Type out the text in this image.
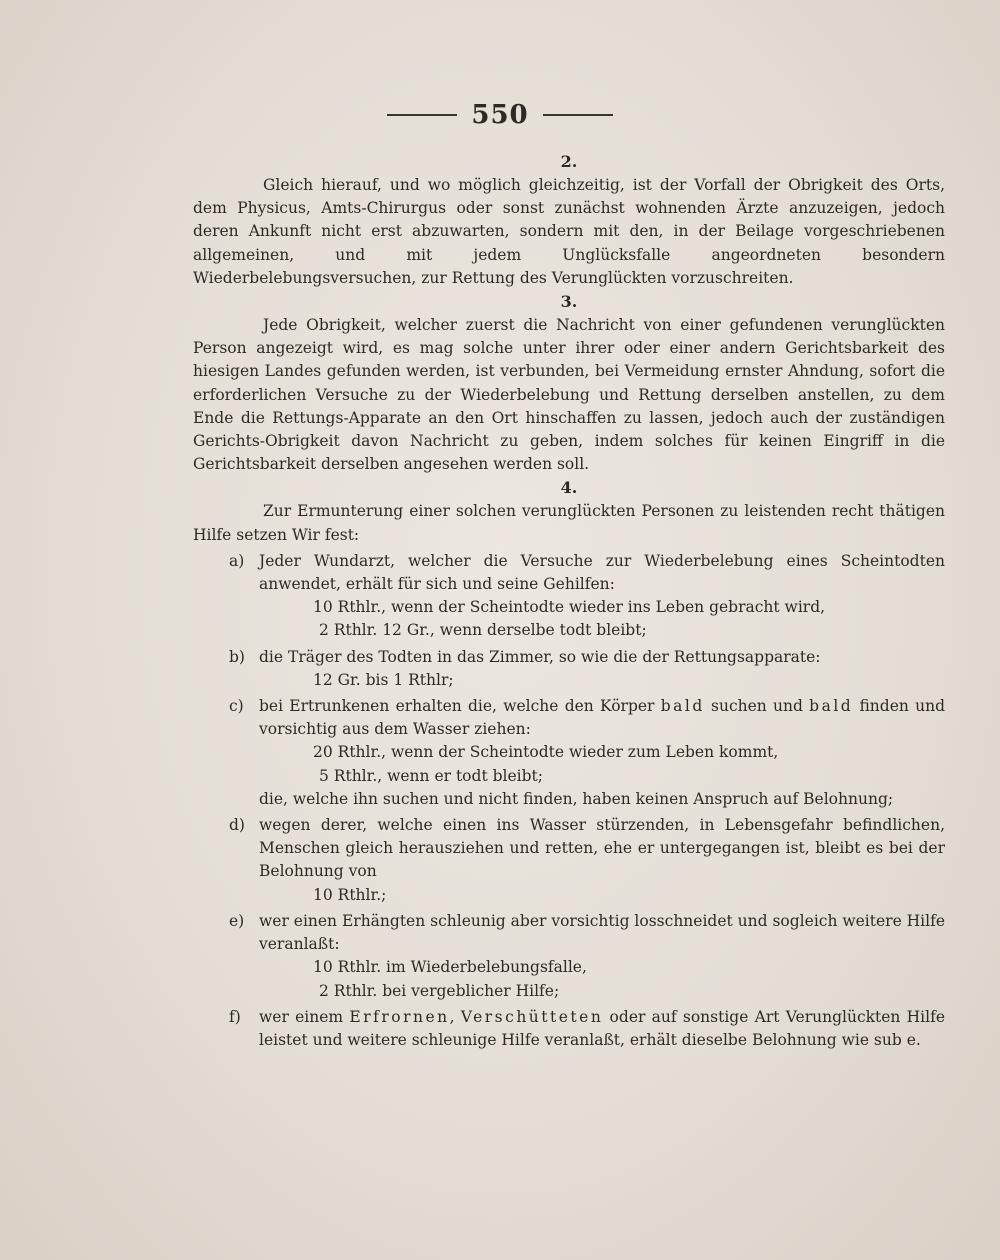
550

2.

Gleich hierauf, und wo möglich gleichzeitig, ist der Vorfall der Obrigkeit des Orts, dem Physicus, Amts-Chirurgus oder sonst zunächst wohnenden Ärzte anzuzeigen, jedoch deren Ankunft nicht erst abzuwarten, sondern mit den, in der Beilage vorgeschriebenen allgemeinen, und mit jedem Unglücksfalle angeordneten besondern Wiederbelebungsversuchen, zur Rettung des Verunglückten vorzuschreiten.

3.

Jede Obrigkeit, welcher zuerst die Nachricht von einer gefundenen verunglückten Person angezeigt wird, es mag solche unter ihrer oder einer andern Gerichtsbarkeit des hiesigen Landes gefunden werden, ist verbunden, bei Vermeidung ernster Ahndung, sofort die erforderlichen Versuche zu der Wiederbelebung und Rettung derselben anstellen, zu dem Ende die Rettungs-Apparate an den Ort hinschaffen zu lassen, jedoch auch der zuständigen Gerichts-Obrigkeit davon Nachricht zu geben, indem solches für keinen Eingriff in die Gerichtsbarkeit derselben angesehen werden soll.

4.

Zur Ermunterung einer solchen verunglückten Personen zu leistenden recht thätigen Hilfe setzen Wir fest:

a) Jeder Wundarzt, welcher die Versuche zur Wiederbelebung eines Scheintodten anwendet, erhält für sich und seine Gehilfen:
10 Rthlr., wenn der Scheintodte wieder ins Leben gebracht wird,
2 Rthlr. 12 Gr., wenn derselbe todt bleibt;
b) die Träger des Todten in das Zimmer, so wie die der Rettungsapparate:
12 Gr. bis 1 Rthlr;
c) bei Ertrunkenen erhalten die, welche den Körper bald suchen und bald finden und vorsichtig aus dem Wasser ziehen:
20 Rthlr., wenn der Scheintodte wieder zum Leben kommt,
5 Rthlr., wenn er todt bleibt;
die, welche ihn suchen und nicht finden, haben keinen Anspruch auf Belohnung;
d) wegen derer, welche einen ins Wasser stürzenden, in Lebensgefahr befindlichen, Menschen gleich herausziehen und retten, ehe er untergegangen ist, bleibt es bei der Belohnung von
10 Rthlr.;
e) wer einen Erhängten schleunig aber vorsichtig losschneidet und sogleich weitere Hilfe veranlaßt:
10 Rthlr. im Wiederbelebungsfalle,
2 Rthlr. bei vergeblicher Hilfe;
f) wer einem Erfrornen, Verschütteten oder auf sonstige Art Verunglückten Hilfe leistet und weitere schleunige Hilfe veranlaßt, erhält dieselbe Belohnung wie sub e.
